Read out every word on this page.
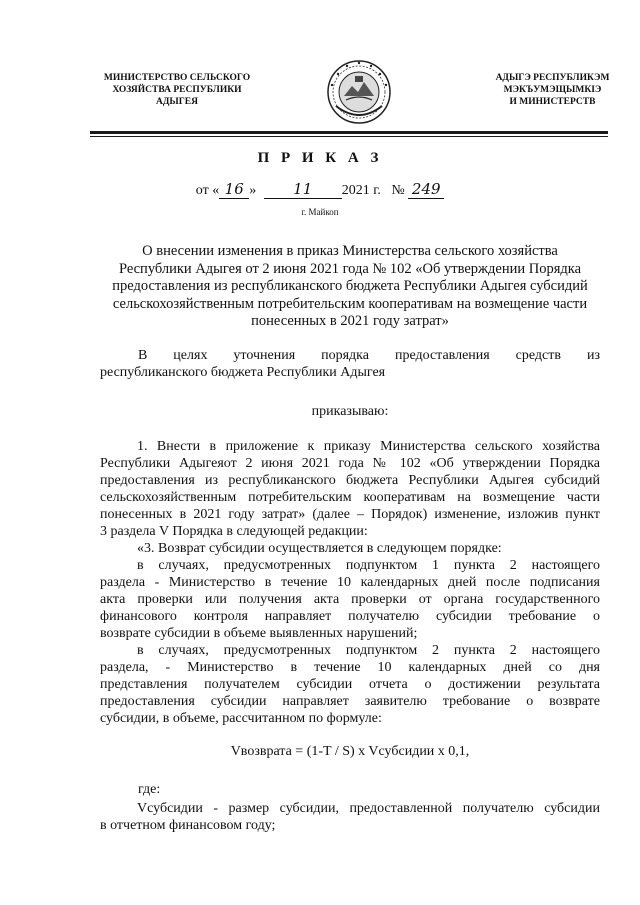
МИНИСТЕРСТВО СЕЛЬСКОГО
ХОЗЯЙСТВА РЕСПУБЛИКИ
АДЫГЕЯ
АДЫГЭ РЕСПУБЛИКЭМ
МЭКЪУМЭЩЫМКIЭ
И МИНИСТЕРСТВ
П Р И К А З
от « 16 » 11 2021 г. № 249
г. Майкоп
О внесении изменения в приказ Министерства сельского хозяйства
Республики Адыгея от 2 июня 2021 года № 102 «Об утверждении Порядка
предоставления из республиканского бюджета Республики Адыгея субсидий
сельскохозяйственным потребительским кооперативам на возмещение части
понесенных в 2021 году затрат»
В целях уточнения порядка предоставления средств из
республиканского бюджета Республики Адыгея
приказываю:
1. Внести в приложение к приказу Министерства сельского хозяйства
Республики Адыгеяот 2 июня 2021 года № 102 «Об утверждении Порядка
предоставления из республиканского бюджета Республики Адыгея субсидий
сельскохозяйственным потребительским кооперативам на возмещение части
понесенных в 2021 году затрат» (далее – Порядок) изменение, изложив пункт
3 раздела V Порядка в следующей редакции:
«3. Возврат субсидии осуществляется в следующем порядке:
в случаях, предусмотренных подпунктом 1 пункта 2 настоящего
раздела - Министерство в течение 10 календарных дней после подписания
акта проверки или получения акта проверки от органа государственного
финансового контроля направляет получателю субсидии требование о
возврате субсидии в объеме выявленных нарушений;
в случаях, предусмотренных подпунктом 2 пункта 2 настоящего
раздела, - Министерство в течение 10 календарных дней со дня
представления получателем субсидии отчета о достижении результата
предоставления субсидии направляет заявителю требование о возврате
субсидии, в объеме, рассчитанном по формуле:
Vвозврата = (1-T / S) x Vсубсидии x 0,1,
где:
Vсубсидии - размер субсидии, предоставленной получателю субсидии
в отчетном финансовом году;
